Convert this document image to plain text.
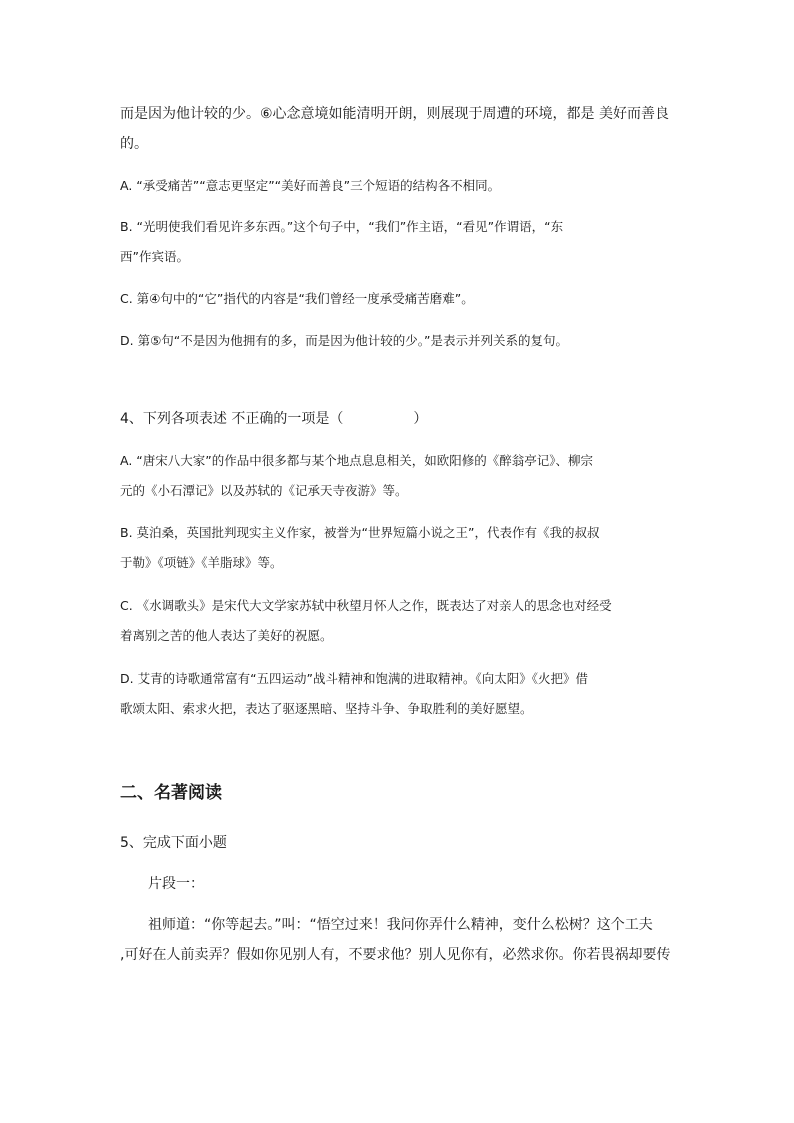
而是因为他计较的少。⑥心念意境如能清明开朗，则展现于周遭的环境，都是 美好而善良
的。
A. “承受痛苦”“意志更坚定”“美好而善良”三个短语的结构各不相同。
B. “光明使我们看见许多东西。”这个句子中，“我们”作主语，“看见”作谓语，“东
西”作宾语。
C. 第④句中的“它”指代的内容是“我们曾经一度承受痛苦磨难”。
D. 第⑤句“不是因为他拥有的多，而是因为他计较的少。”是表示并列关系的复句。
4、下列各项表述 不正确的一项是（　　　　　）
A. “唐宋八大家”的作品中很多都与某个地点息息相关，如欧阳修的《醉翁亭记》、柳宗
元的《小石潭记》以及苏轼的《记承天寺夜游》等。
B. 莫泊桑，英国批判现实主义作家，被誉为“世界短篇小说之王”，代表作有《我的叔叔
于勒》《项链》《羊脂球》等。
C. 《水调歌头》是宋代大文学家苏轼中秋望月怀人之作，既表达了对亲人的思念也对经受
着离别之苦的他人表达了美好的祝愿。
D. 艾青的诗歌通常富有“五四运动”战斗精神和饱满的进取精神。《向太阳》《火把》借
歌颂太阳、索求火把，表达了驱逐黑暗、坚持斗争、争取胜利的美好愿望。
二、名著阅读
5、完成下面小题
片段一：
祖师道：“你等起去。”叫：“悟空过来！我问你弄什么精神，变什么松树？这个工夫
,可好在人前卖弄？假如你见别人有，不要求他？别人见你有，必然求你。你若畏祸却要传
